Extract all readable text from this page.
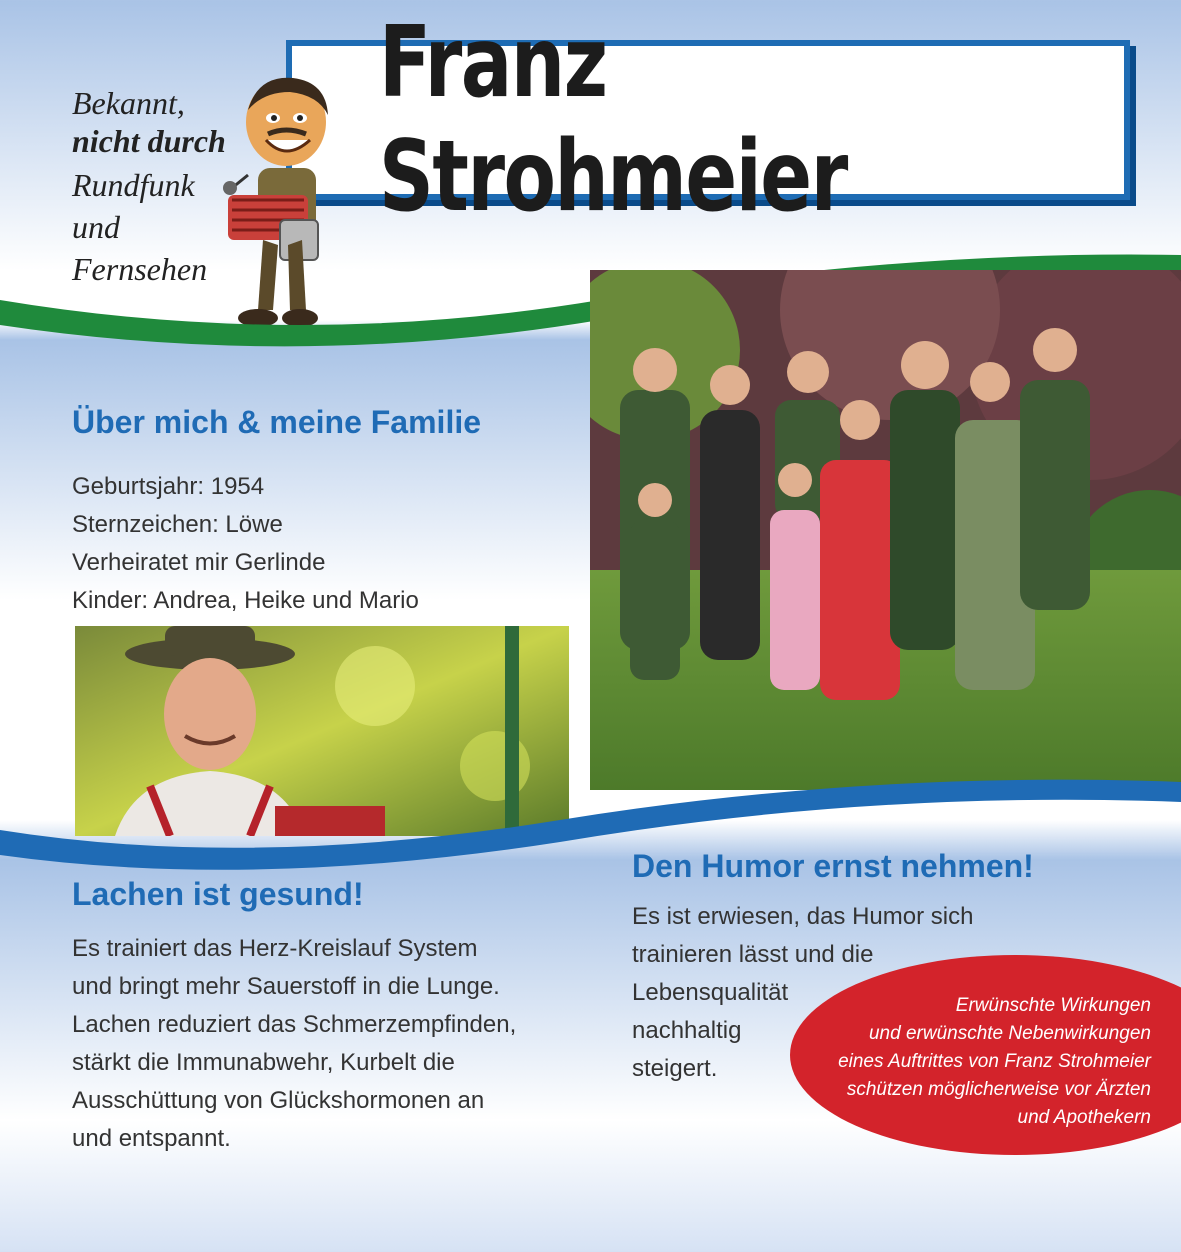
Franz Strohmeier
Bekannt,
nicht durch
Rundfunk
und
Fernsehen
Über mich & meine Familie
Geburtsjahr: 1954
Sternzeichen: Löwe
Verheiratet mir Gerlinde
Kinder: Andrea, Heike und Mario
Lachen ist gesund!
Es trainiert das Herz-Kreislauf System
und bringt mehr Sauerstoff in die Lunge.
Lachen reduziert das Schmerzempfinden,
stärkt die Immunabwehr, Kurbelt die
Ausschüttung von Glückshormonen an
und entspannt.
Den Humor ernst nehmen!
Es ist erwiesen, das Humor sich
trainieren lässt und die
Lebensqualität
nachhaltig
steigert.
Erwünschte Wirkungen
und erwünschte Nebenwirkungen
eines Auftrittes von Franz Strohmeier
schützen möglicherweise vor Ärzten
und Apothekern
